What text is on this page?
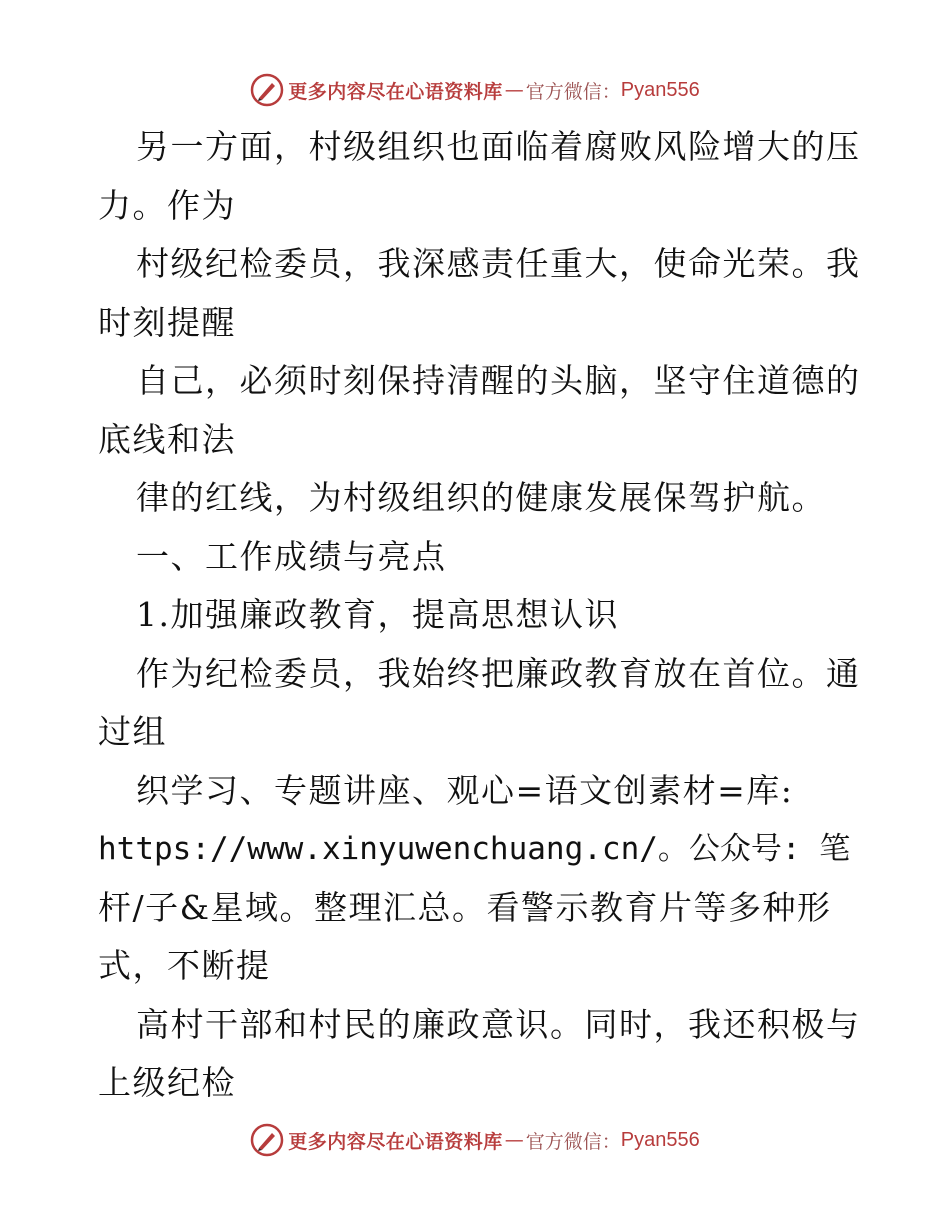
更多内容尽在心语资料库 — 官方微信： Pyan556
另一方面，村级组织也面临着腐败风险增大的压
力。作为
村级纪检委员，我深感责任重大，使命光荣。我
时刻提醒
自己，必须时刻保持清醒的头脑，坚守住道德的
底线和法
律的红线，为村级组织的健康发展保驾护航。
一、工作成绩与亮点
1.加强廉政教育，提高思想认识
作为纪检委员，我始终把廉政教育放在首位。通
过组
织学习、专题讲座、观心=语文创素材=库:
https://www.xinyuwenchuang.cn/。公众号: 笔
杆/子&星域。整理汇总。看警示教育片等多种形
式，不断提
高村干部和村民的廉政意识。同时，我还积极与
上级纪检
更多内容尽在心语资料库 — 官方微信： Pyan556
